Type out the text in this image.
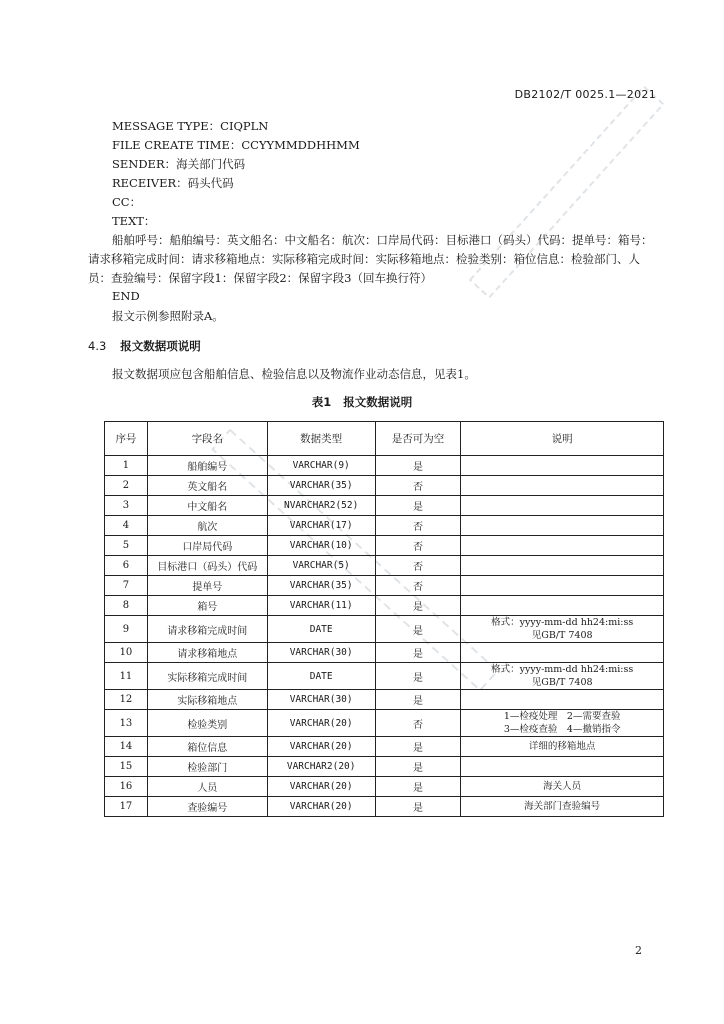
DB2102/T 0025.1—2021
MESSAGE TYPE：CIQPLN
FILE CREATE TIME：CCYYMMDDHHMM
SENDER：海关部门代码
RECEIVER：码头代码
CC：
TEXT：
船舶呼号：船舶编号：英文船名：中文船名：航次：口岸局代码：目标港口（码头）代码：提单号：箱号：请求移箱完成时间：请求移箱地点：实际移箱完成时间：实际移箱地点：检验类别：箱位信息：检验部门、人员：查验编号：保留字段1：保留字段2：保留字段3（回车换行符）
END
报文示例参照附录A。
4.3 报文数据项说明
报文数据项应包含船舶信息、检验信息以及物流作业动态信息，见表1。
表1 报文数据说明
序号	字段名	数据类型	是否可为空	说明
1	船舶编号	VARCHAR(9)	是	

2	英文船名	VARCHAR(35)	否	

3	中文船名	NVARCHAR2(52)	是	

4	航次	VARCHAR(17)	否	

5	口岸局代码	VARCHAR(10)	否	

6	目标港口（码头）代码	VARCHAR(5)	否	

7	提单号	VARCHAR(35)	否	

8	箱号	VARCHAR(11)	是	

9	请求移箱完成时间	DATE	是	格式：yyyy-mm-dd hh24:mi:ss
见GB/T 7408

10	请求移箱地点	VARCHAR(30)	是	

11	实际移箱完成时间	DATE	是	格式：yyyy-mm-dd hh24:mi:ss
见GB/T 7408

12	实际移箱地点	VARCHAR(30)	是	

13	检验类别	VARCHAR(20)	否	1—检疫处理　2—需要查验
3—检疫查验　4—撤销指令

14	箱位信息	VARCHAR(20)	是	详细的移箱地点

15	检验部门	VARCHAR2(20)	是	

16	人员	VARCHAR(20)	是	海关人员

17	查验编号	VARCHAR(20)	是	海关部门查验编号
2
